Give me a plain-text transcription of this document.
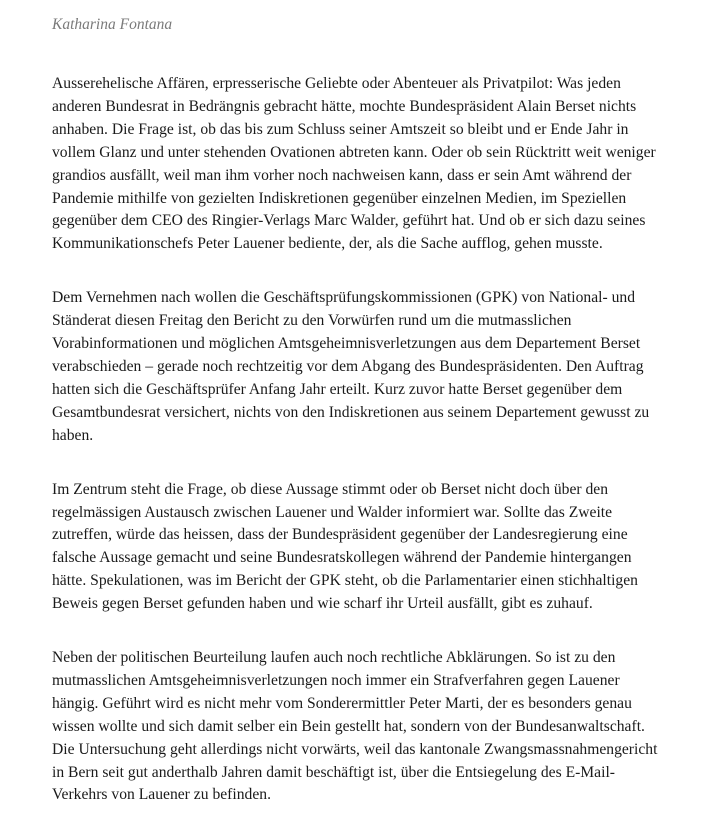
Katharina Fontana

Ausserehelische Affären, erpresserische Geliebte oder Abenteuer als Privatpilot: Was jeden anderen Bundesrat in Bedrängnis gebracht hätte, mochte Bundespräsident Alain Berset nichts anhaben. Die Frage ist, ob das bis zum Schluss seiner Amtszeit so bleibt und er Ende Jahr in vollem Glanz und unter stehenden Ovationen abtreten kann. Oder ob sein Rücktritt weit weniger grandios ausfällt, weil man ihm vorher noch nachweisen kann, dass er sein Amt während der Pandemie mithilfe von gezielten Indiskretionen gegenüber einzelnen Medien, im Speziellen gegenüber dem CEO des Ringier-Verlags Marc Walder, geführt hat. Und ob er sich dazu seines Kommunikationschefs Peter Lauener bediente, der, als die Sache aufflog, gehen musste.

Dem Vernehmen nach wollen die Geschäftsprüfungskommissionen (GPK) von National- und Ständerat diesen Freitag den Bericht zu den Vorwürfen rund um die mutmasslichen Vorabinformationen und möglichen Amtsgeheimnisverletzungen aus dem Departement Berset verabschieden – gerade noch rechtzeitig vor dem Abgang des Bundespräsidenten. Den Auftrag hatten sich die Geschäftsprüfer Anfang Jahr erteilt. Kurz zuvor hatte Berset gegenüber dem Gesamtbundesrat versichert, nichts von den Indiskretionen aus seinem Departement gewusst zu haben.

Im Zentrum steht die Frage, ob diese Aussage stimmt oder ob Berset nicht doch über den regelmässigen Austausch zwischen Lauener und Walder informiert war. Sollte das Zweite zutreffen, würde das heissen, dass der Bundespräsident gegenüber der Landesregierung eine falsche Aussage gemacht und seine Bundesratskollegen während der Pandemie hintergangen hätte. Spekulationen, was im Bericht der GPK steht, ob die Parlamentarier einen stichhaltigen Beweis gegen Berset gefunden haben und wie scharf ihr Urteil ausfällt, gibt es zuhauf.

Neben der politischen Beurteilung laufen auch noch rechtliche Abklärungen. So ist zu den mutmasslichen Amtsgeheimnisverletzungen noch immer ein Strafverfahren gegen Lauener hängig. Geführt wird es nicht mehr vom Sonderermittler Peter Marti, der es besonders genau wissen wollte und sich damit selber ein Bein gestellt hat, sondern von der Bundesanwaltschaft. Die Untersuchung geht allerdings nicht vorwärts, weil das kantonale Zwangsmassnahmengericht in Bern seit gut anderthalb Jahren damit beschäftigt ist, über die Entsiegelung des E-Mail-Verkehrs von Lauener zu befinden.
